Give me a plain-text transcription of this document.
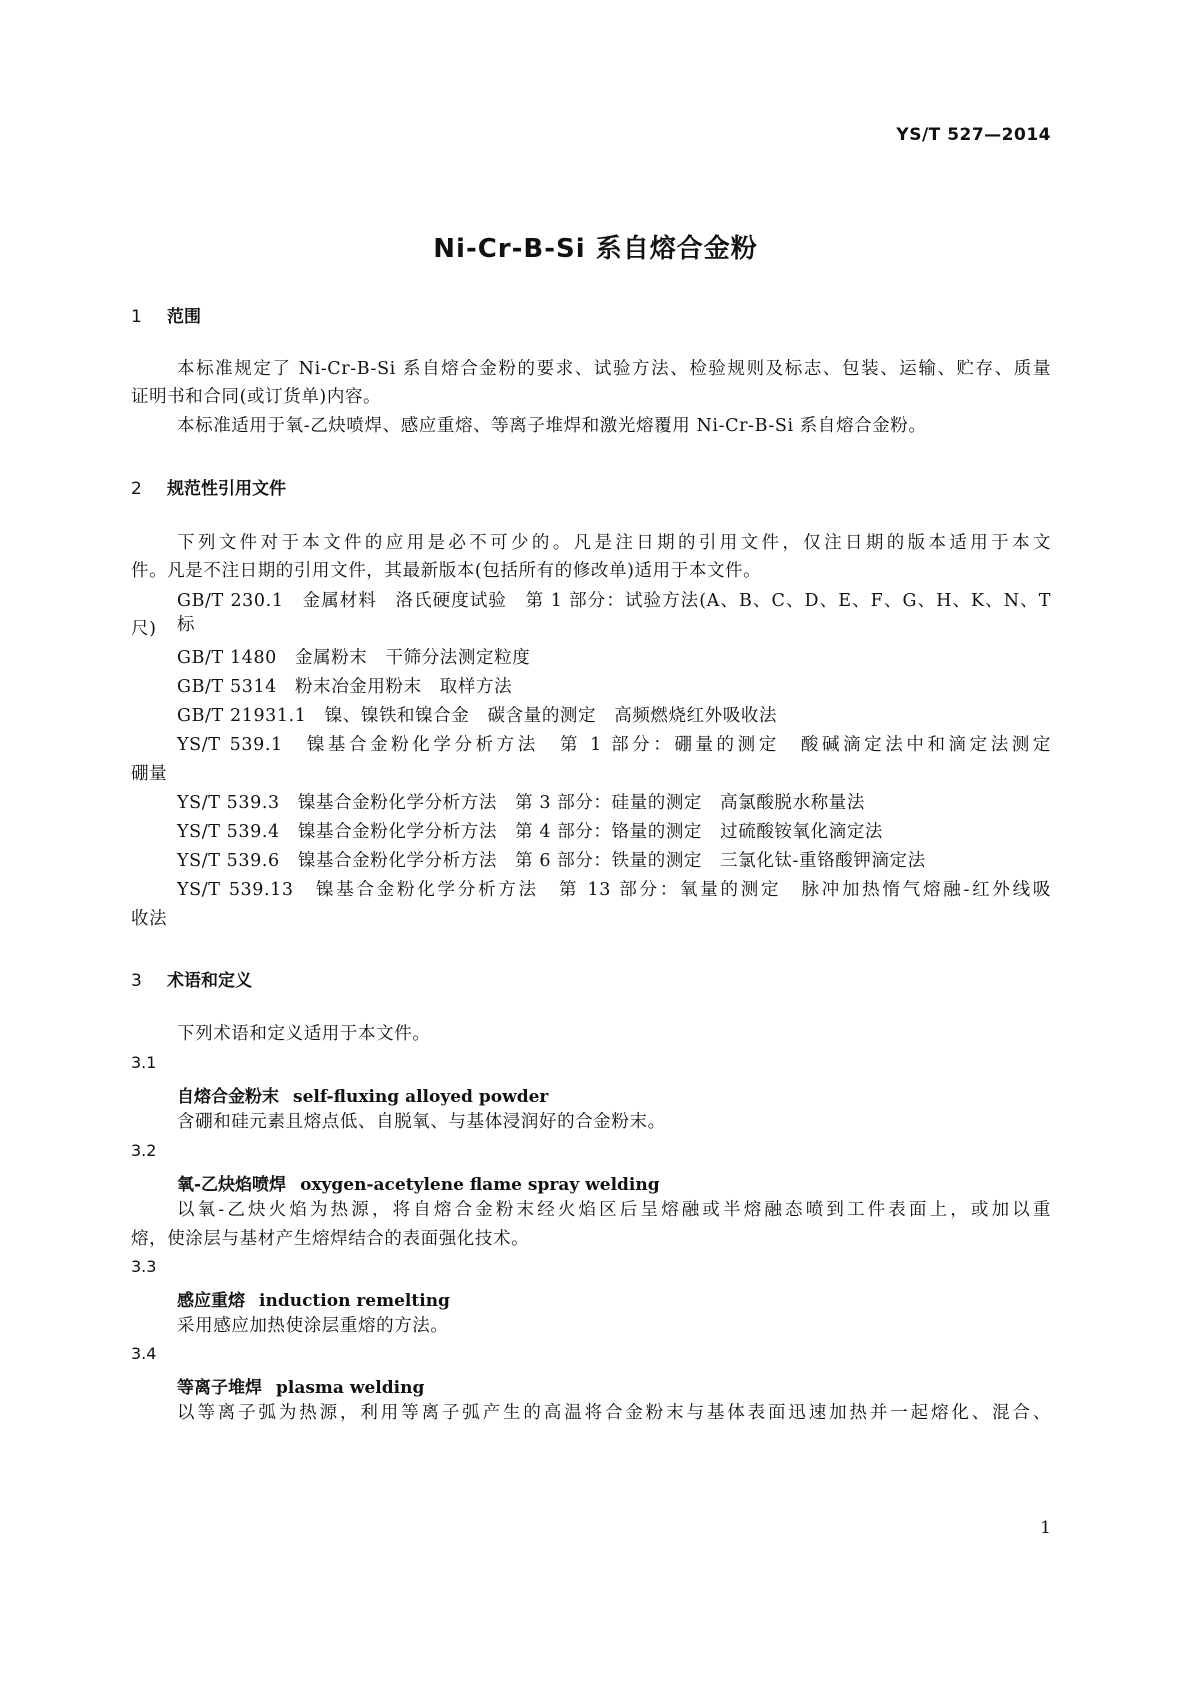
YS/T 527—2014
Ni-Cr-B-Si 系自熔合金粉
1 范围
本标准规定了 Ni-Cr-B-Si 系自熔合金粉的要求、试验方法、检验规则及标志、包装、运输、贮存、质量
证明书和合同(或订货单)内容。
本标准适用于氧-乙炔喷焊、感应重熔、等离子堆焊和激光熔覆用 Ni-Cr-B-Si 系自熔合金粉。
2 规范性引用文件
下列文件对于本文件的应用是必不可少的。凡是注日期的引用文件，仅注日期的版本适用于本文
件。凡是不注日期的引用文件，其最新版本(包括所有的修改单)适用于本文件。
GB/T 230.1　金属材料　洛氏硬度试验　第 1 部分：试验方法(A、B、C、D、E、F、G、H、K、N、T 标
尺)
GB/T 1480　金属粉末　干筛分法测定粒度
GB/T 5314　粉末冶金用粉末　取样方法
GB/T 21931.1　镍、镍铁和镍合金　碳含量的测定　高频燃烧红外吸收法
YS/T 539.1　镍基合金粉化学分析方法　第 1 部分：硼量的测定　酸碱滴定法中和滴定法测定
硼量
YS/T 539.3　镍基合金粉化学分析方法　第 3 部分：硅量的测定　高氯酸脱水称量法
YS/T 539.4　镍基合金粉化学分析方法　第 4 部分：铬量的测定　过硫酸铵氧化滴定法
YS/T 539.6　镍基合金粉化学分析方法　第 6 部分：铁量的测定　三氯化钛-重铬酸钾滴定法
YS/T 539.13　镍基合金粉化学分析方法　第 13 部分：氧量的测定　脉冲加热惰气熔融-红外线吸
收法
3 术语和定义
下列术语和定义适用于本文件。
3.1
自熔合金粉末 self-fluxing alloyed powder
含硼和硅元素且熔点低、自脱氧、与基体浸润好的合金粉末。
3.2
氧-乙炔焰喷焊 oxygen-acetylene flame spray welding
以氧-乙炔火焰为热源，将自熔合金粉末经火焰区后呈熔融或半熔融态喷到工件表面上，或加以重
熔，使涂层与基材产生熔焊结合的表面强化技术。
3.3
感应重熔 induction remelting
采用感应加热使涂层重熔的方法。
3.4
等离子堆焊 plasma welding
以等离子弧为热源，利用等离子弧产生的高温将合金粉末与基体表面迅速加热并一起熔化、混合、
1
